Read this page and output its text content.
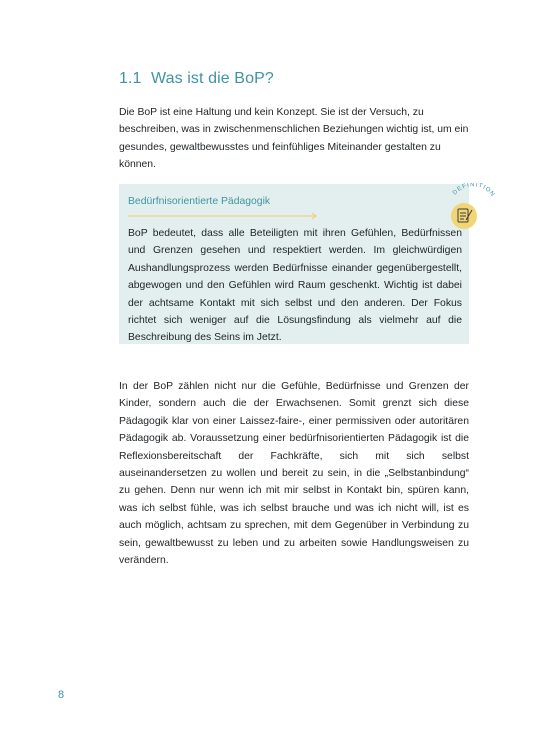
1.1 Was ist die BoP?

Die BoP ist eine Haltung und kein Konzept. Sie ist der Versuch, zu beschreiben, was in zwischenmenschlichen Beziehungen wichtig ist, um ein gesundes, gewaltbewusstes und feinfühliges Miteinander gestalten zu können.

Bedürfnisorientierte Pädagogik

BoP bedeutet, dass alle Beteiligten mit ihren Gefühlen, Bedürfnissen und Grenzen gesehen und respektiert werden. Im gleichwürdigen Aushandlungsprozess werden Bedürfnisse einander gegenübergestellt, abgewogen und den Gefühlen wird Raum geschenkt. Wichtig ist dabei der achtsame Kontakt mit sich selbst und den anderen. Der Fokus richtet sich weniger auf die Lösungsfindung als vielmehr auf die Beschreibung des Seins im Jetzt.

DEFINITION

In der BoP zählen nicht nur die Gefühle, Bedürfnisse und Grenzen der Kinder, sondern auch die der Erwachsenen. Somit grenzt sich diese Pädagogik klar von einer Laissez-faire-, einer permissiven oder autoritären Pädagogik ab. Voraussetzung einer bedürfnisorientierten Pädagogik ist die Reflexionsbereitschaft der Fachkräfte, sich mit sich selbst auseinandersetzen zu wollen und bereit zu sein, in die „Selbstanbindung“ zu gehen. Denn nur wenn ich mit mir selbst in Kontakt bin, spüren kann, was ich selbst fühle, was ich selbst brauche und was ich nicht will, ist es auch möglich, achtsam zu sprechen, mit dem Gegenüber in Verbindung zu sein, gewaltbewusst zu leben und zu arbeiten sowie Handlungsweisen zu verändern.

8
